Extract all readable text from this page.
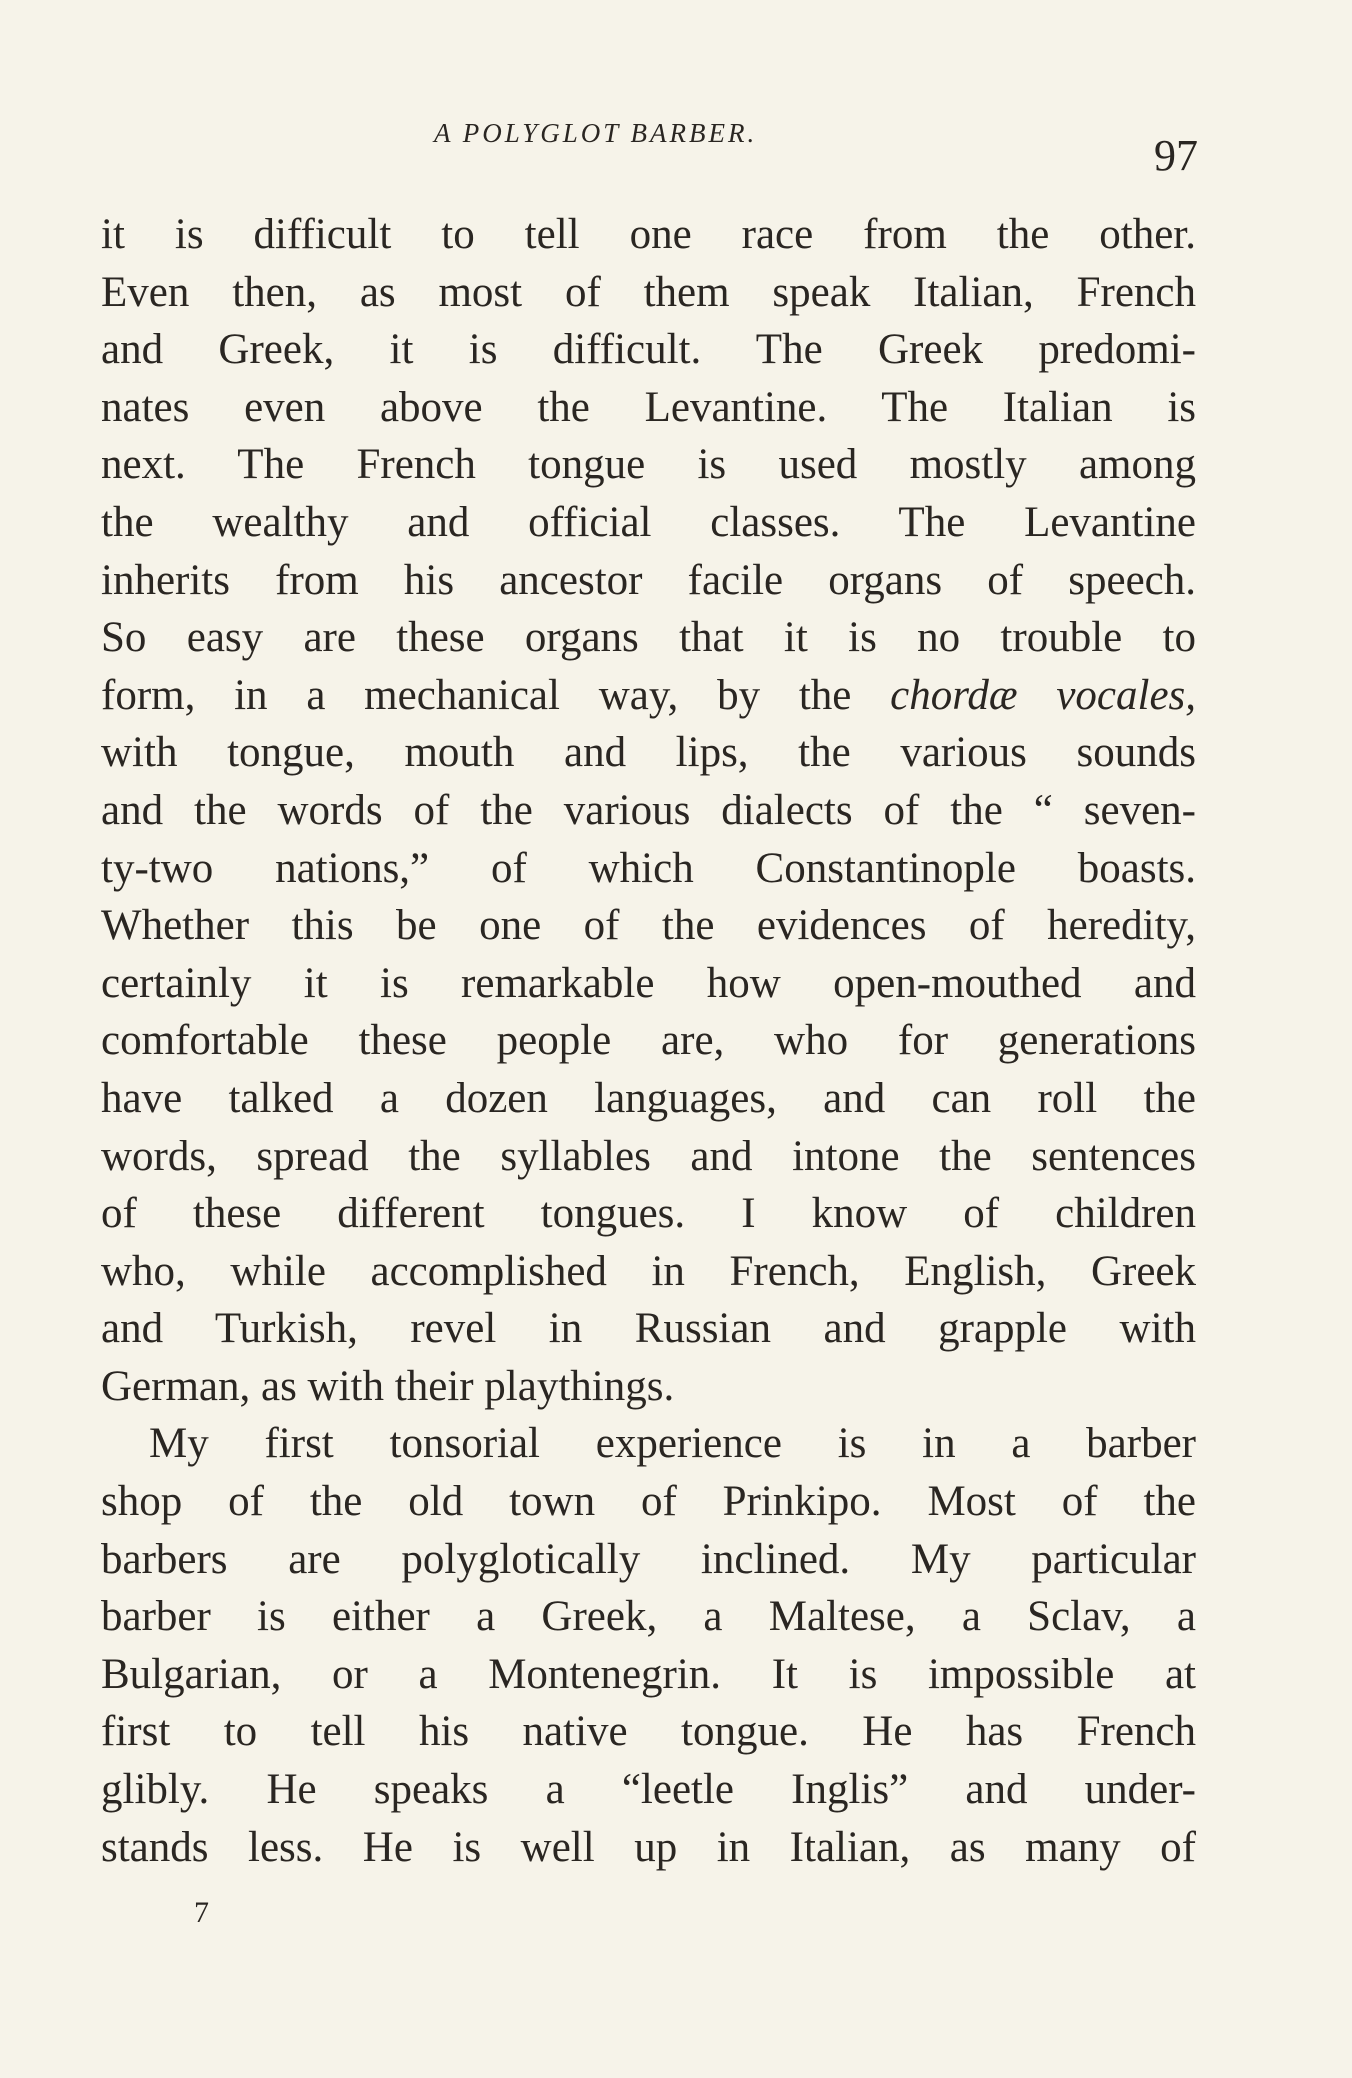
A POLYGLOT BARBER.	97
it is difficult to tell one race from the other.
Even then, as most of them speak Italian, French
and Greek, it is difficult. The Greek predomi-
nates even above the Levantine. The Italian is
next. The French tongue is used mostly among
the wealthy and official classes. The Levantine
inherits from his ancestor facile organs of speech.
So easy are these organs that it is no trouble to
form, in a mechanical way, by the chordæ vocales,
with tongue, mouth and lips, the various sounds
and the words of the various dialects of the “ seven-
ty-two nations,” of which Constantinople boasts.
Whether this be one of the evidences of heredity,
certainly it is remarkable how open-mouthed and
comfortable these people are, who for generations
have talked a dozen languages, and can roll the
words, spread the syllables and intone the sentences
of these different tongues. I know of children
who, while accomplished in French, English, Greek
and Turkish, revel in Russian and grapple with
German, as with their playthings.
My first tonsorial experience is in a barber
shop of the old town of Prinkipo. Most of the
barbers are polyglotically inclined. My particular
barber is either a Greek, a Maltese, a Sclav, a
Bulgarian, or a Montenegrin. It is impossible at
first to tell his native tongue. He has French
glibly. He speaks a “leetle Inglis” and under-
stands less. He is well up in Italian, as many of
7
